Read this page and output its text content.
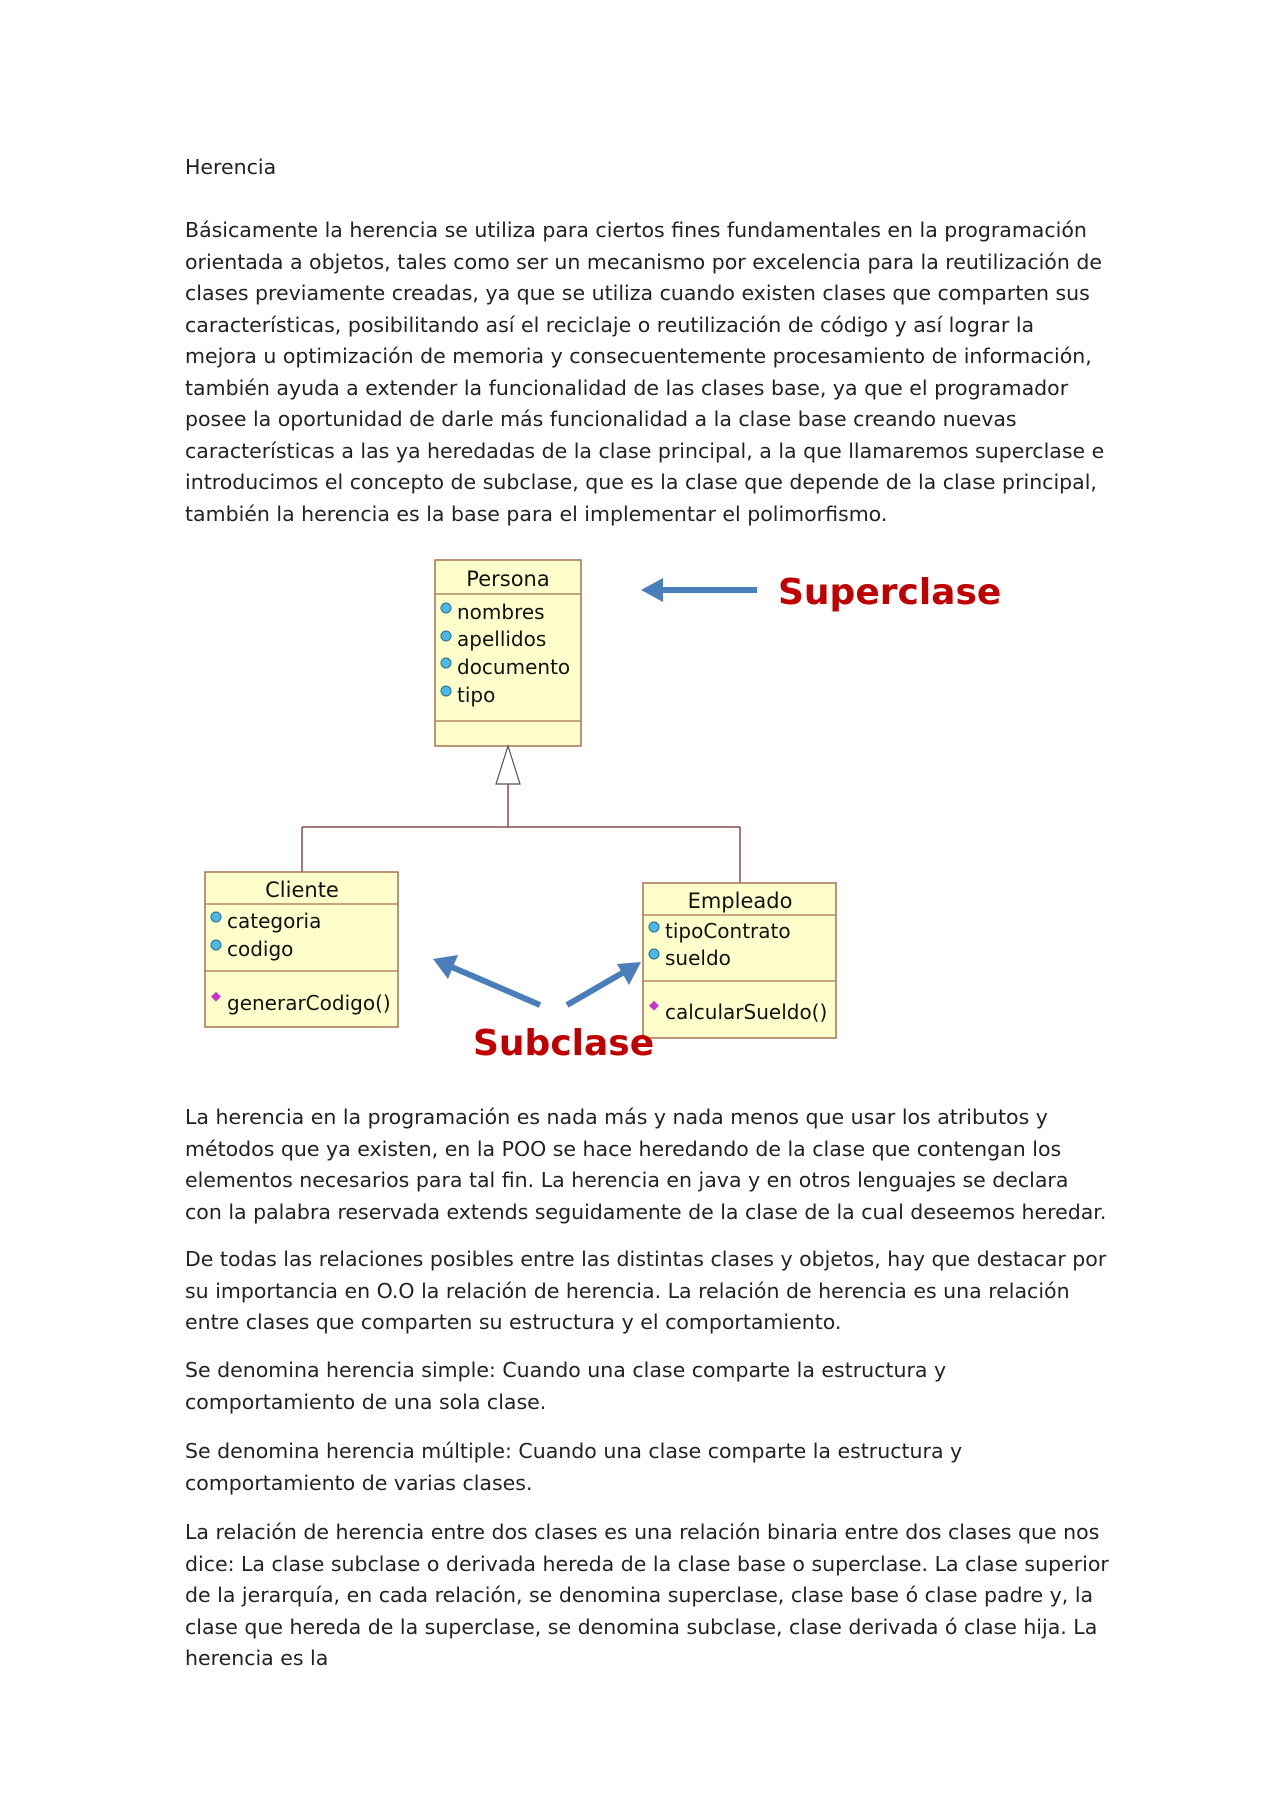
Herencia

Básicamente la herencia se utiliza para ciertos fines fundamentales en la programación orientada a objetos, tales como ser un mecanismo por excelencia para la reutilización de clases previamente creadas, ya que se utiliza cuando existen clases que comparten sus características, posibilitando así el reciclaje o reutilización de código y así lograr la mejora u optimización de memoria y consecuentemente procesamiento de información, también ayuda a extender la funcionalidad de las clases base, ya que el programador posee la oportunidad de darle más funcionalidad a la clase base creando nuevas características a las ya heredadas de la clase principal, a la que llamaremos superclase e introducimos el concepto de subclase, que es la clase que depende de la clase principal, también la herencia es la base para el implementar el polimorfismo.

Persona
nombres
apellidos
documento
tipo
Superclase
Cliente
categoria
codigo
generarCodigo()
Empleado
tipoContrato
sueldo
calcularSueldo()
Subclase

La herencia en la programación es nada más y nada menos que usar los atributos y métodos que ya existen, en la POO se hace heredando de la clase que contengan los elementos necesarios para tal fin. La herencia en java y en otros lenguajes se declara con la palabra reservada extends seguidamente de la clase de la cual deseemos heredar.

De todas las relaciones posibles entre las distintas clases y objetos, hay que destacar por su importancia en O.O la relación de herencia. La relación de herencia es una relación entre clases que comparten su estructura y el comportamiento.

Se denomina herencia simple: Cuando una clase comparte la estructura y comportamiento de una sola clase.

Se denomina herencia múltiple: Cuando una clase comparte la estructura y comportamiento de varias clases.

La relación de herencia entre dos clases es una relación binaria entre dos clases que nos dice: La clase subclase o derivada hereda de la clase base o superclase. La clase superior de la jerarquía, en cada relación, se denomina superclase, clase base ó clase padre y, la clase que hereda de la superclase, se denomina subclase, clase derivada ó clase hija. La herencia es la
